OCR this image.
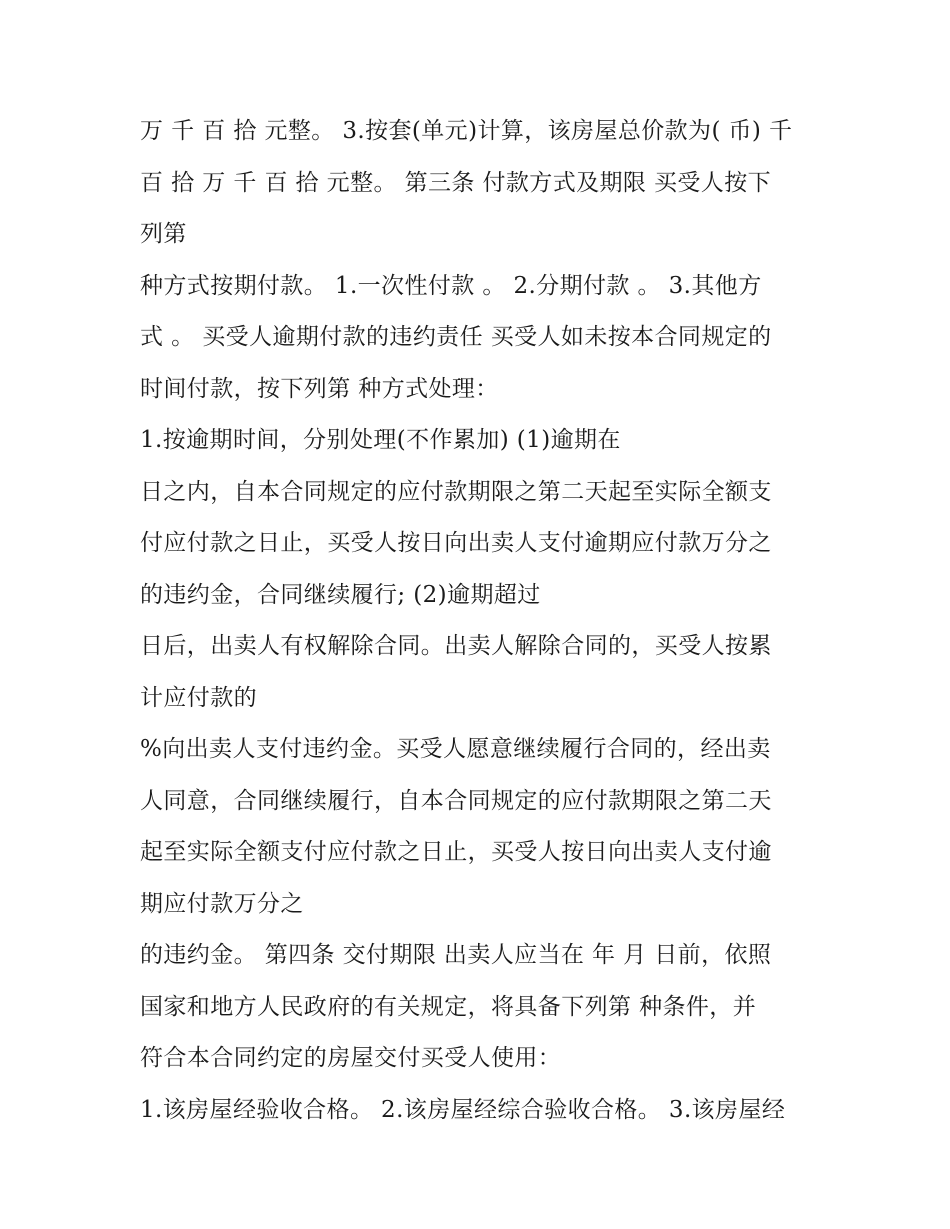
万 千 百 拾 元整。 3.按套(单元)计算，该房屋总价款为( 币) 千
百 拾 万 千 百 拾 元整。 第三条 付款方式及期限 买受人按下
列第
种方式按期付款。 1.一次性付款 。 2.分期付款 。 3.其他方
式 。 买受人逾期付款的违约责任 买受人如未按本合同规定的
时间付款，按下列第 种方式处理：
1.按逾期时间，分别处理(不作累加) (1)逾期在
日之内，自本合同规定的应付款期限之第二天起至实际全额支
付应付款之日止，买受人按日向出卖人支付逾期应付款万分之
的违约金，合同继续履行; (2)逾期超过
日后，出卖人有权解除合同。出卖人解除合同的，买受人按累
计应付款的
%向出卖人支付违约金。买受人愿意继续履行合同的，经出卖
人同意，合同继续履行，自本合同规定的应付款期限之第二天
起至实际全额支付应付款之日止，买受人按日向出卖人支付逾
期应付款万分之
的违约金。 第四条 交付期限 出卖人应当在 年 月 日前，依照
国家和地方人民政府的有关规定，将具备下列第 种条件，并
符合本合同约定的房屋交付买受人使用：
1.该房屋经验收合格。 2.该房屋经综合验收合格。 3.该房屋经
